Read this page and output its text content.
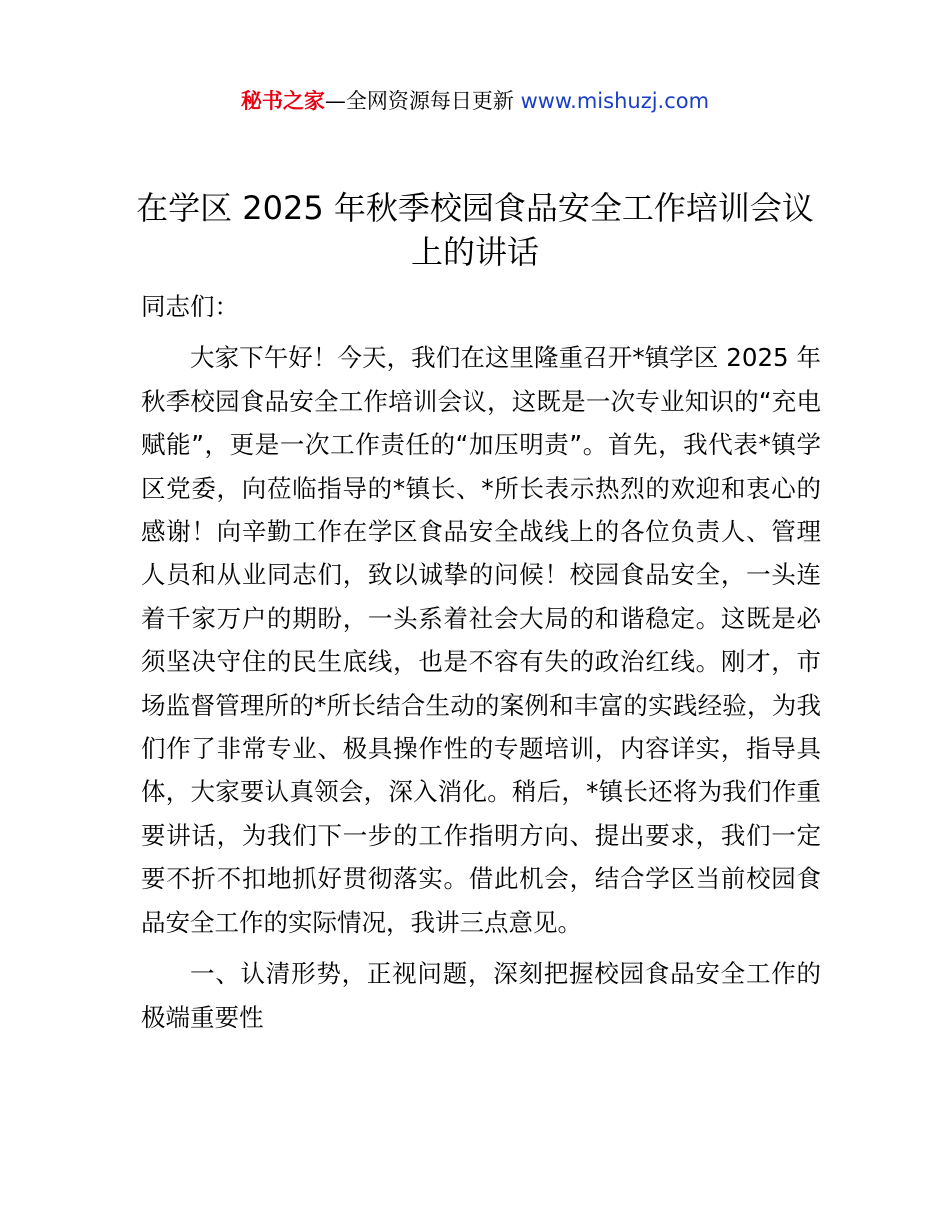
秘书之家—全网资源每日更新 www.mishuzj.com
在学区 2025 年秋季校园食品安全工作培训会议上的讲话

同志们：

大家下午好！今天，我们在这里隆重召开*镇学区 2025 年秋季校园食品安全工作培训会议，这既是一次专业知识的“充电赋能”，更是一次工作责任的“加压明责”。首先，我代表*镇学区党委，向莅临指导的*镇长、*所长表示热烈的欢迎和衷心的感谢！向辛勤工作在学区食品安全战线上的各位负责人、管理人员和从业同志们，致以诚挚的问候！校园食品安全，一头连着千家万户的期盼，一头系着社会大局的和谐稳定。这既是必须坚决守住的民生底线，也是不容有失的政治红线。刚才，市场监督管理所的*所长结合生动的案例和丰富的实践经验，为我们作了非常专业、极具操作性的专题培训，内容详实，指导具体，大家要认真领会，深入消化。稍后，*镇长还将为我们作重要讲话，为我们下一步的工作指明方向、提出要求，我们一定要不折不扣地抓好贯彻落实。借此机会，结合学区当前校园食品安全工作的实际情况，我讲三点意见。

一、认清形势，正视问题，深刻把握校园食品安全工作的极端重要性
